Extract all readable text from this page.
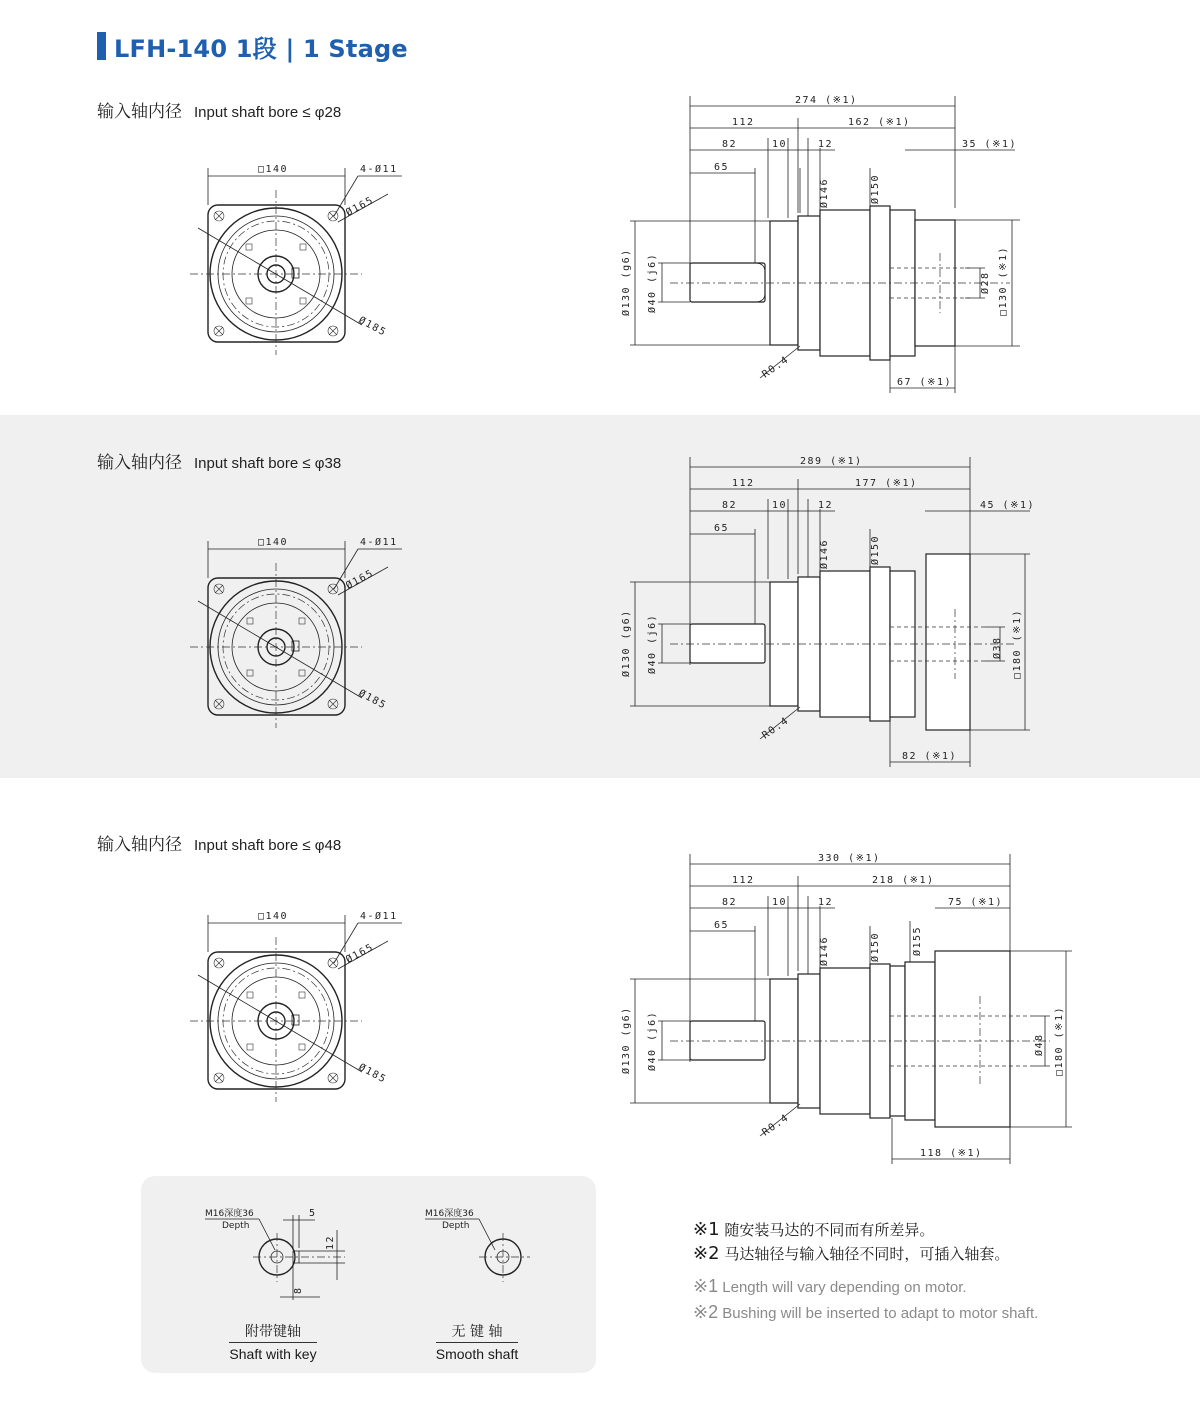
LFH-140 1段 | 1 Stage
输入轴内径 Input shaft bore ≤ φ28
输入轴内径 Input shaft bore ≤ φ38
输入轴内径 Input shaft bore ≤ φ48
□140	4-Ø11
Ø165
Ø185
□140	4-Ø11
Ø165
Ø185
□140	4-Ø11
Ø165
Ø185
274 (※1)
112	162 (※1)
82	10	12	35 (※1)
65
Ø130 (g6) Ø40 (j6)
Ø146	Ø150
□130 (※1)
Ø28
R0.4
67 (※1)
289 (※1)
112	177 (※1)
82	10	12	45 (※1)
65
Ø130 (g6) Ø40 (j6)
Ø146	Ø150
□180 (※1)
Ø38
R0.4
82 (※1)
330 (※1)
112	218 (※1)
82	10	12	75 (※1)
65
Ø130 (g6) Ø40 (j6)
Ø146	Ø150	Ø155
□180 (※1)
Ø48
R0.4
118 (※1)
M16深度36
Depth
5
12
8
M16深度36
Depth
附带键轴
Shaft with key
无 键 轴
Smooth shaft
※1 随安装马达的不同而有所差异。
※2 马达轴径与输入轴径不同时，可插入轴套。
※1 Length will vary depending on motor.
※2 Bushing will be inserted to adapt to motor shaft.
